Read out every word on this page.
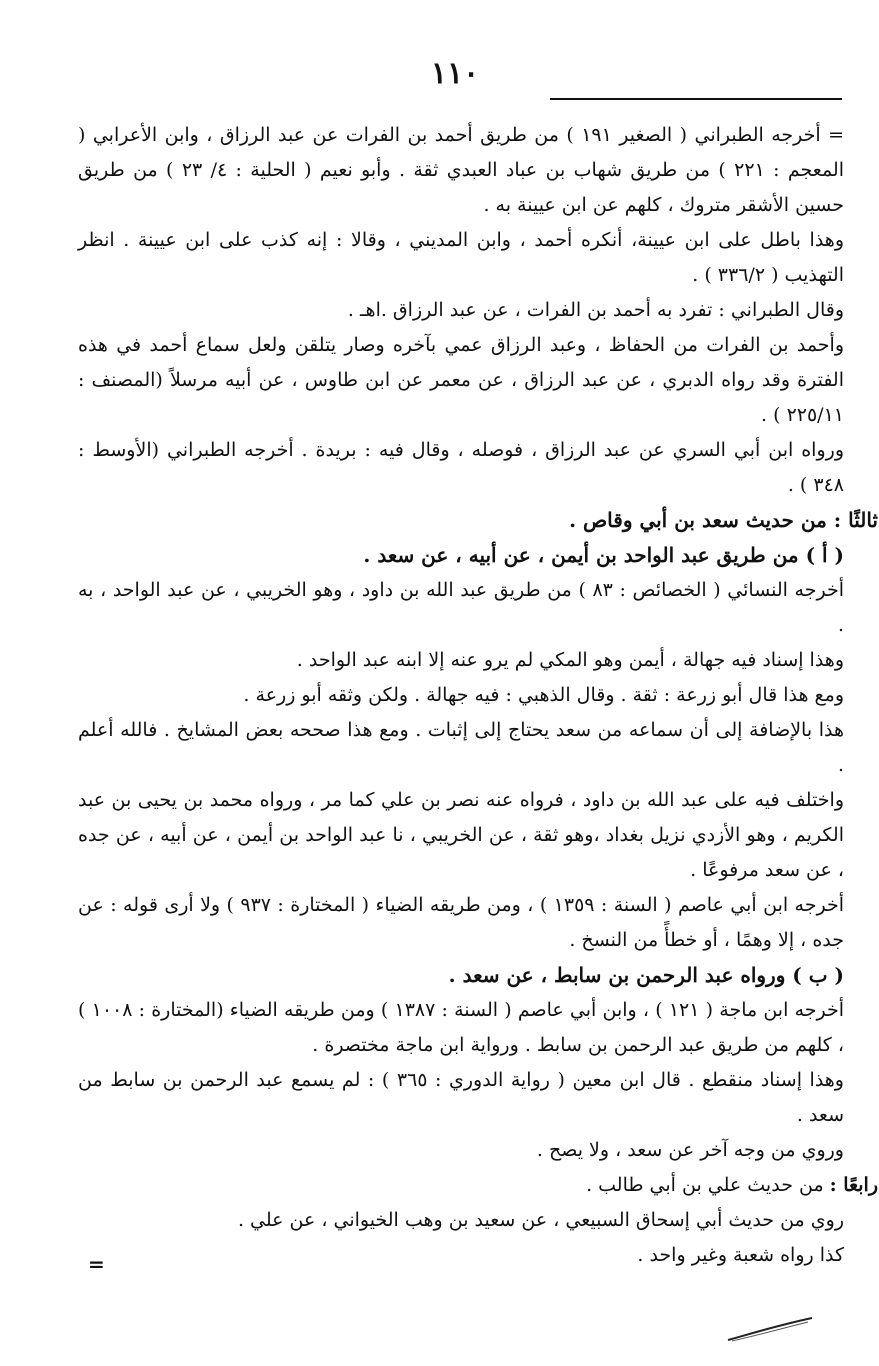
١١٠

= أخرجه الطبراني ( الصغير ١٩١ ) من طريق أحمد بن الفرات عن عبد الرزاق ، وابن الأعرابي ( المعجم : ٢٢١ ) من طريق شهاب بن عباد العبدي ثقة . وأبو نعيم ( الحلية : ٤/ ٢٣ ) من طريق حسين الأشقر متروك ، كلهم عن ابن عيينة به .

وهذا باطل على ابن عيينة، أنكره أحمد ، وابن المديني ، وقالا : إنه كذب على ابن عيينة . انظر التهذيب ( ٣٣٦/٢ ) .

وقال الطبراني : تفرد به أحمد بن الفرات ، عن عبد الرزاق .اهـ .

وأحمد بن الفرات من الحفاظ ، وعبد الرزاق عمي بآخره وصار يتلقن ولعل سماع أحمد في هذه الفترة وقد رواه الدبري ، عن عبد الرزاق ، عن معمر عن ابن طاوس ، عن أبيه مرسلاً (المصنف : ٢٢٥/١١ ) .

ورواه ابن أبي السري عن عبد الرزاق ، فوصله ، وقال فيه : بريدة . أخرجه الطبراني (الأوسط : ٣٤٨ ) .

ثالثًا : من حديث سعد بن أبي وقاص .

( أ ) من طريق عبد الواحد بن أيمن ، عن أبيه ، عن سعد .

أخرجه النسائي ( الخصائص : ٨٣ ) من طريق عبد الله بن داود ، وهو الخريبي ، عن عبد الواحد ، به .

وهذا إسناد فيه جهالة ، أيمن وهو المكي لم يرو عنه إلا ابنه عبد الواحد .

ومع هذا قال أبو زرعة : ثقة . وقال الذهبي : فيه جهالة . ولكن وثقه أبو زرعة .

هذا بالإضافة إلى أن سماعه من سعد يحتاج إلى إثبات . ومع هذا صححه بعض المشايخ . فالله أعلم .

واختلف فيه على عبد الله بن داود ، فرواه عنه نصر بن علي كما مر ، ورواه محمد بن يحيى بن عبد الكريم ، وهو الأزدي نزيل بغداد ،وهو ثقة ، عن الخريبي ، نا عبد الواحد بن أيمن ، عن أبيه ، عن جده ، عن سعد مرفوعًا .

أخرجه ابن أبي عاصم ( السنة : ١٣٥٩ ) ، ومن طريقه الضياء ( المختارة : ٩٣٧ ) ولا أرى قوله : عن جده ، إلا وهمًا ، أو خطأً من النسخ .

( ب ) ورواه عبد الرحمن بن سابط ، عن سعد .

أخرجه ابن ماجة ( ١٢١ ) ، وابن أبي عاصم ( السنة : ١٣٨٧ ) ومن طريقه الضياء (المختارة : ١٠٠٨ ) ، كلهم من طريق عبد الرحمن بن سابط . ورواية ابن ماجة مختصرة .

وهذا إسناد منقطع . قال ابن معين ( رواية الدوري : ٣٦٥ ) : لم يسمع عبد الرحمن بن سابط من سعد .

وروي من وجه آخر عن سعد ، ولا يصح .

رابعًا : من حديث علي بن أبي طالب .

روي من حديث أبي إسحاق السبيعي ، عن سعيد بن وهب الخيواني ، عن علي .

كذا رواه شعبة وغير واحد .

=
